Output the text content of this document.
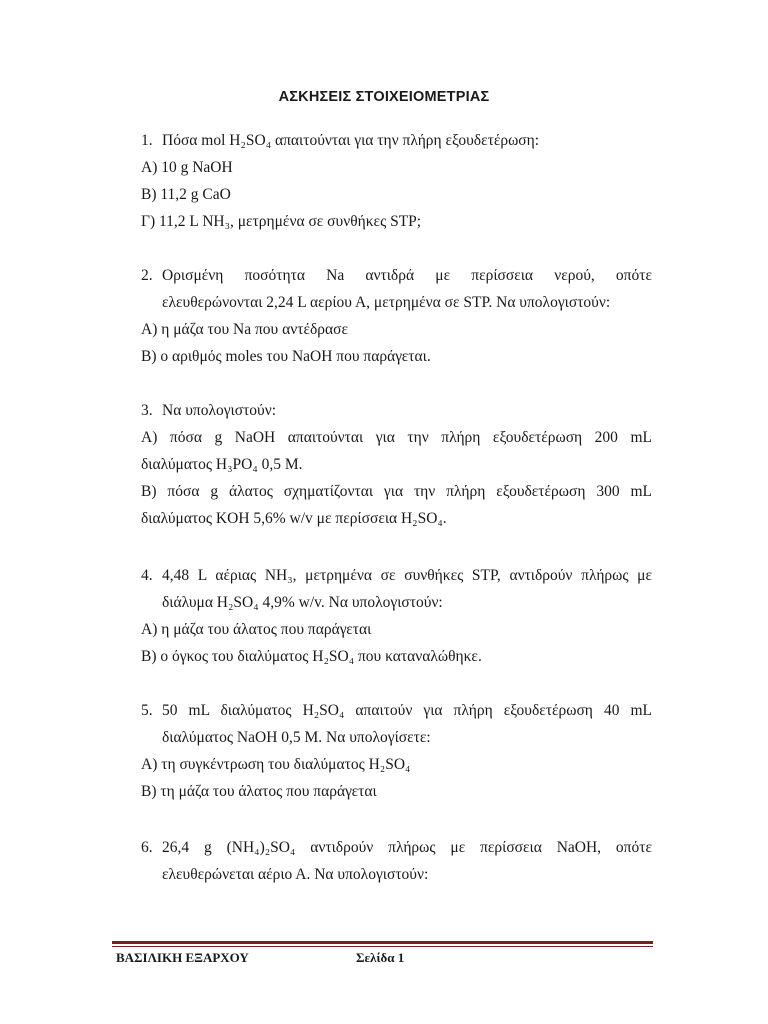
ΑΣΚΗΣΕΙΣ ΣΤΟΙΧΕΙΟΜΕΤΡΙΑΣ
1. Πόσα mol H₂SO₄ απαιτούνται για την πλήρη εξουδετέρωση:
Α) 10 g NaOH
Β) 11,2 g CaO
Γ) 11,2 L NH₃, μετρημένα σε συνθήκες STP;
2. Ορισμένη ποσότητα Na αντιδρά με περίσσεια νερού, οπότε
ελευθερώνονται 2,24 L αερίου Α, μετρημένα σε STP. Να υπολογιστούν:
Α) η μάζα του Na που αντέδρασε
Β) ο αριθμός moles του NaOH που παράγεται.
3. Να υπολογιστούν:
Α) πόσα g NaOH απαιτούνται για την πλήρη εξουδετέρωση 200 mL
διαλύματος H₃PO₄ 0,5 M.
Β) πόσα g άλατος σχηματίζονται για την πλήρη εξουδετέρωση 300 mL
διαλύματος KOH 5,6% w/v με περίσσεια H₂SO₄.
4. 4,48 L αέριας NH₃, μετρημένα σε συνθήκες STP, αντιδρούν πλήρως με
διάλυμα H₂SO₄ 4,9% w/v. Να υπολογιστούν:
Α) η μάζα του άλατος που παράγεται
Β) ο όγκος του διαλύματος H₂SO₄ που καταναλώθηκε.
5. 50 mL διαλύματος H₂SO₄ απαιτούν για πλήρη εξουδετέρωση 40 mL
διαλύματος NaOH 0,5 M. Να υπολογίσετε:
Α) τη συγκέντρωση του διαλύματος H₂SO₄
Β) τη μάζα του άλατος που παράγεται
6. 26,4 g (NH₄)₂SO₄ αντιδρούν πλήρως με περίσσεια NaOH, οπότε
ελευθερώνεται αέριο Α. Να υπολογιστούν:
ΒΑΣΙΛΙΚΗ ΕΞΑΡΧΟΥ	Σελίδα 1
